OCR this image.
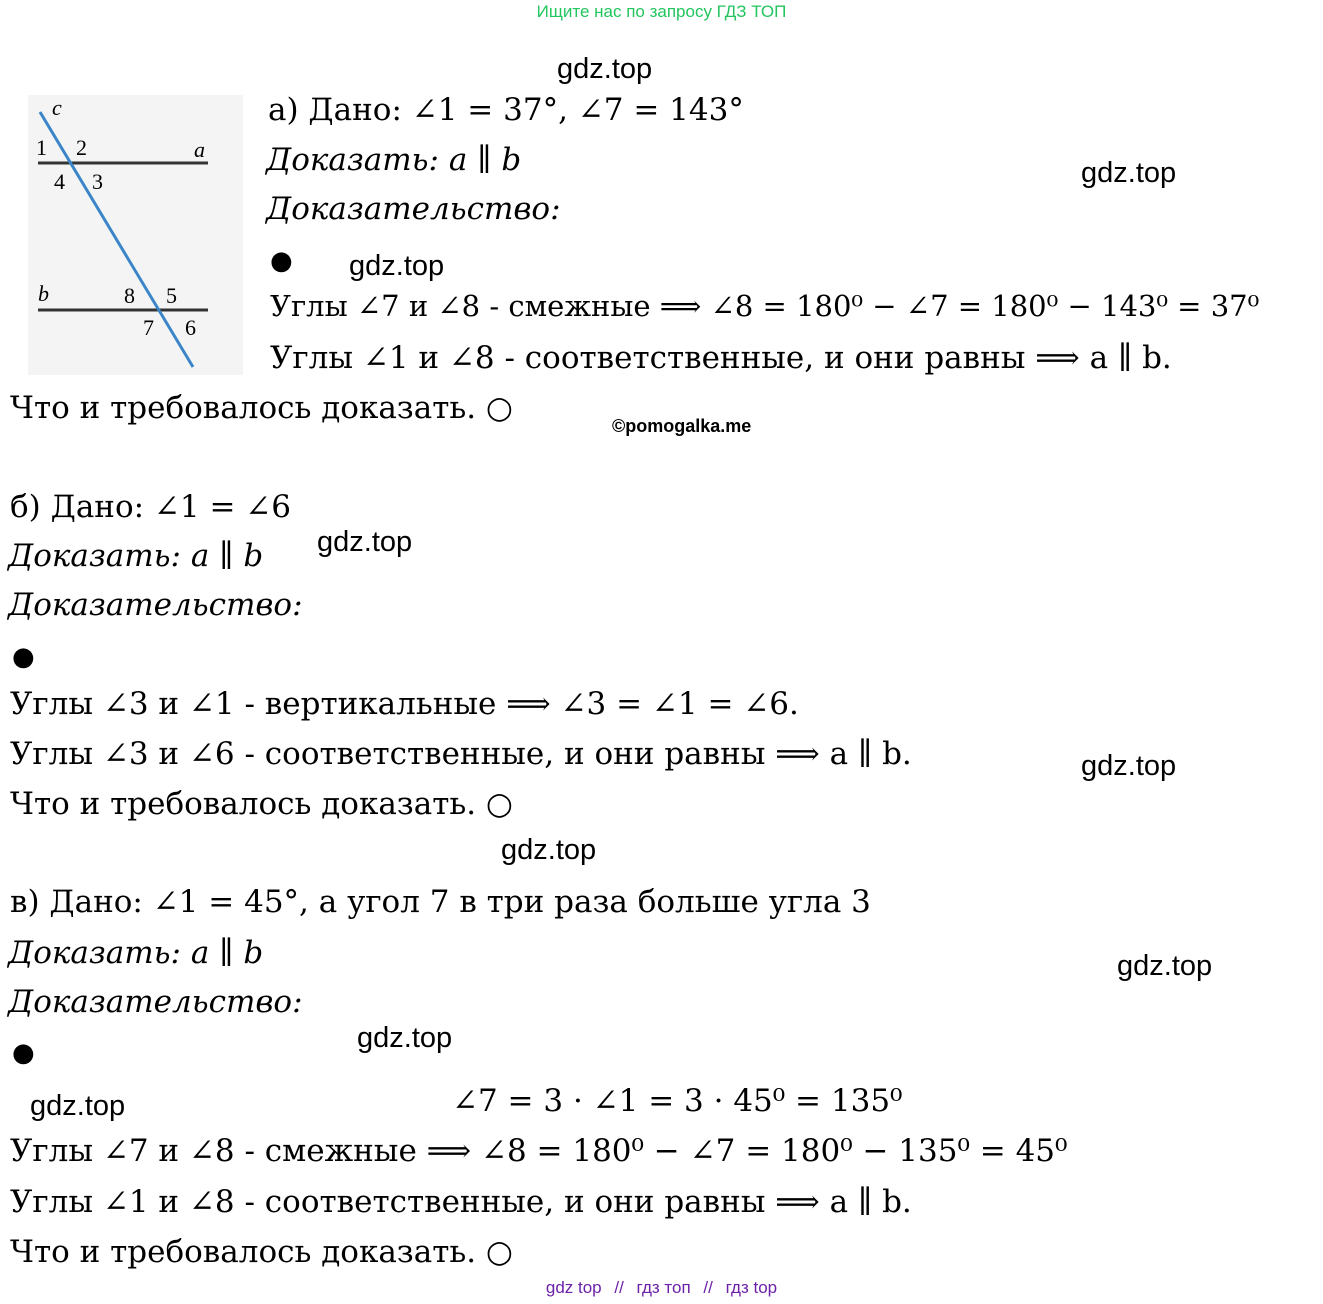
Ищите нас по запросу ГДЗ ТОП
c
1 2	a
4 3
b	8 5
7 6
а) Дано: ∠1 = 37°, ∠7 = 143°
Доказать: a ∥ b
Доказательство:
●
Углы ∠7 и ∠8 - смежные ⟹ ∠8 = 180⁰ − ∠7 = 180⁰ − 143⁰ = 37⁰
Углы ∠1 и ∠8 - соответственные, и они равны ⟹ a ∥ b.
Что и требовалось доказать. ○
б) Дано: ∠1 = ∠6
Доказать: a ∥ b
Доказательство:
●
Углы ∠3 и ∠1 - вертикальные ⟹ ∠3 = ∠1 = ∠6.
Углы ∠3 и ∠6 - соответственные, и они равны ⟹ a ∥ b.
Что и требовалось доказать. ○
в) Дано: ∠1 = 45°, а угол 7 в три раза больше угла 3
Доказать: a ∥ b
Доказательство:
●
∠7 = 3 · ∠1 = 3 · 45⁰ = 135⁰
Углы ∠7 и ∠8 - смежные ⟹ ∠8 = 180⁰ − ∠7 = 180⁰ − 135⁰ = 45⁰
Углы ∠1 и ∠8 - соответственные, и они равны ⟹ a ∥ b.
Что и требовалось доказать. ○
gdz.top
gdz.top
gdz.top
gdz.top
gdz.top
gdz.top
gdz.top
gdz.top
gdz.top
©pomogalka.me
gdz top // гдз топ // гдз top
